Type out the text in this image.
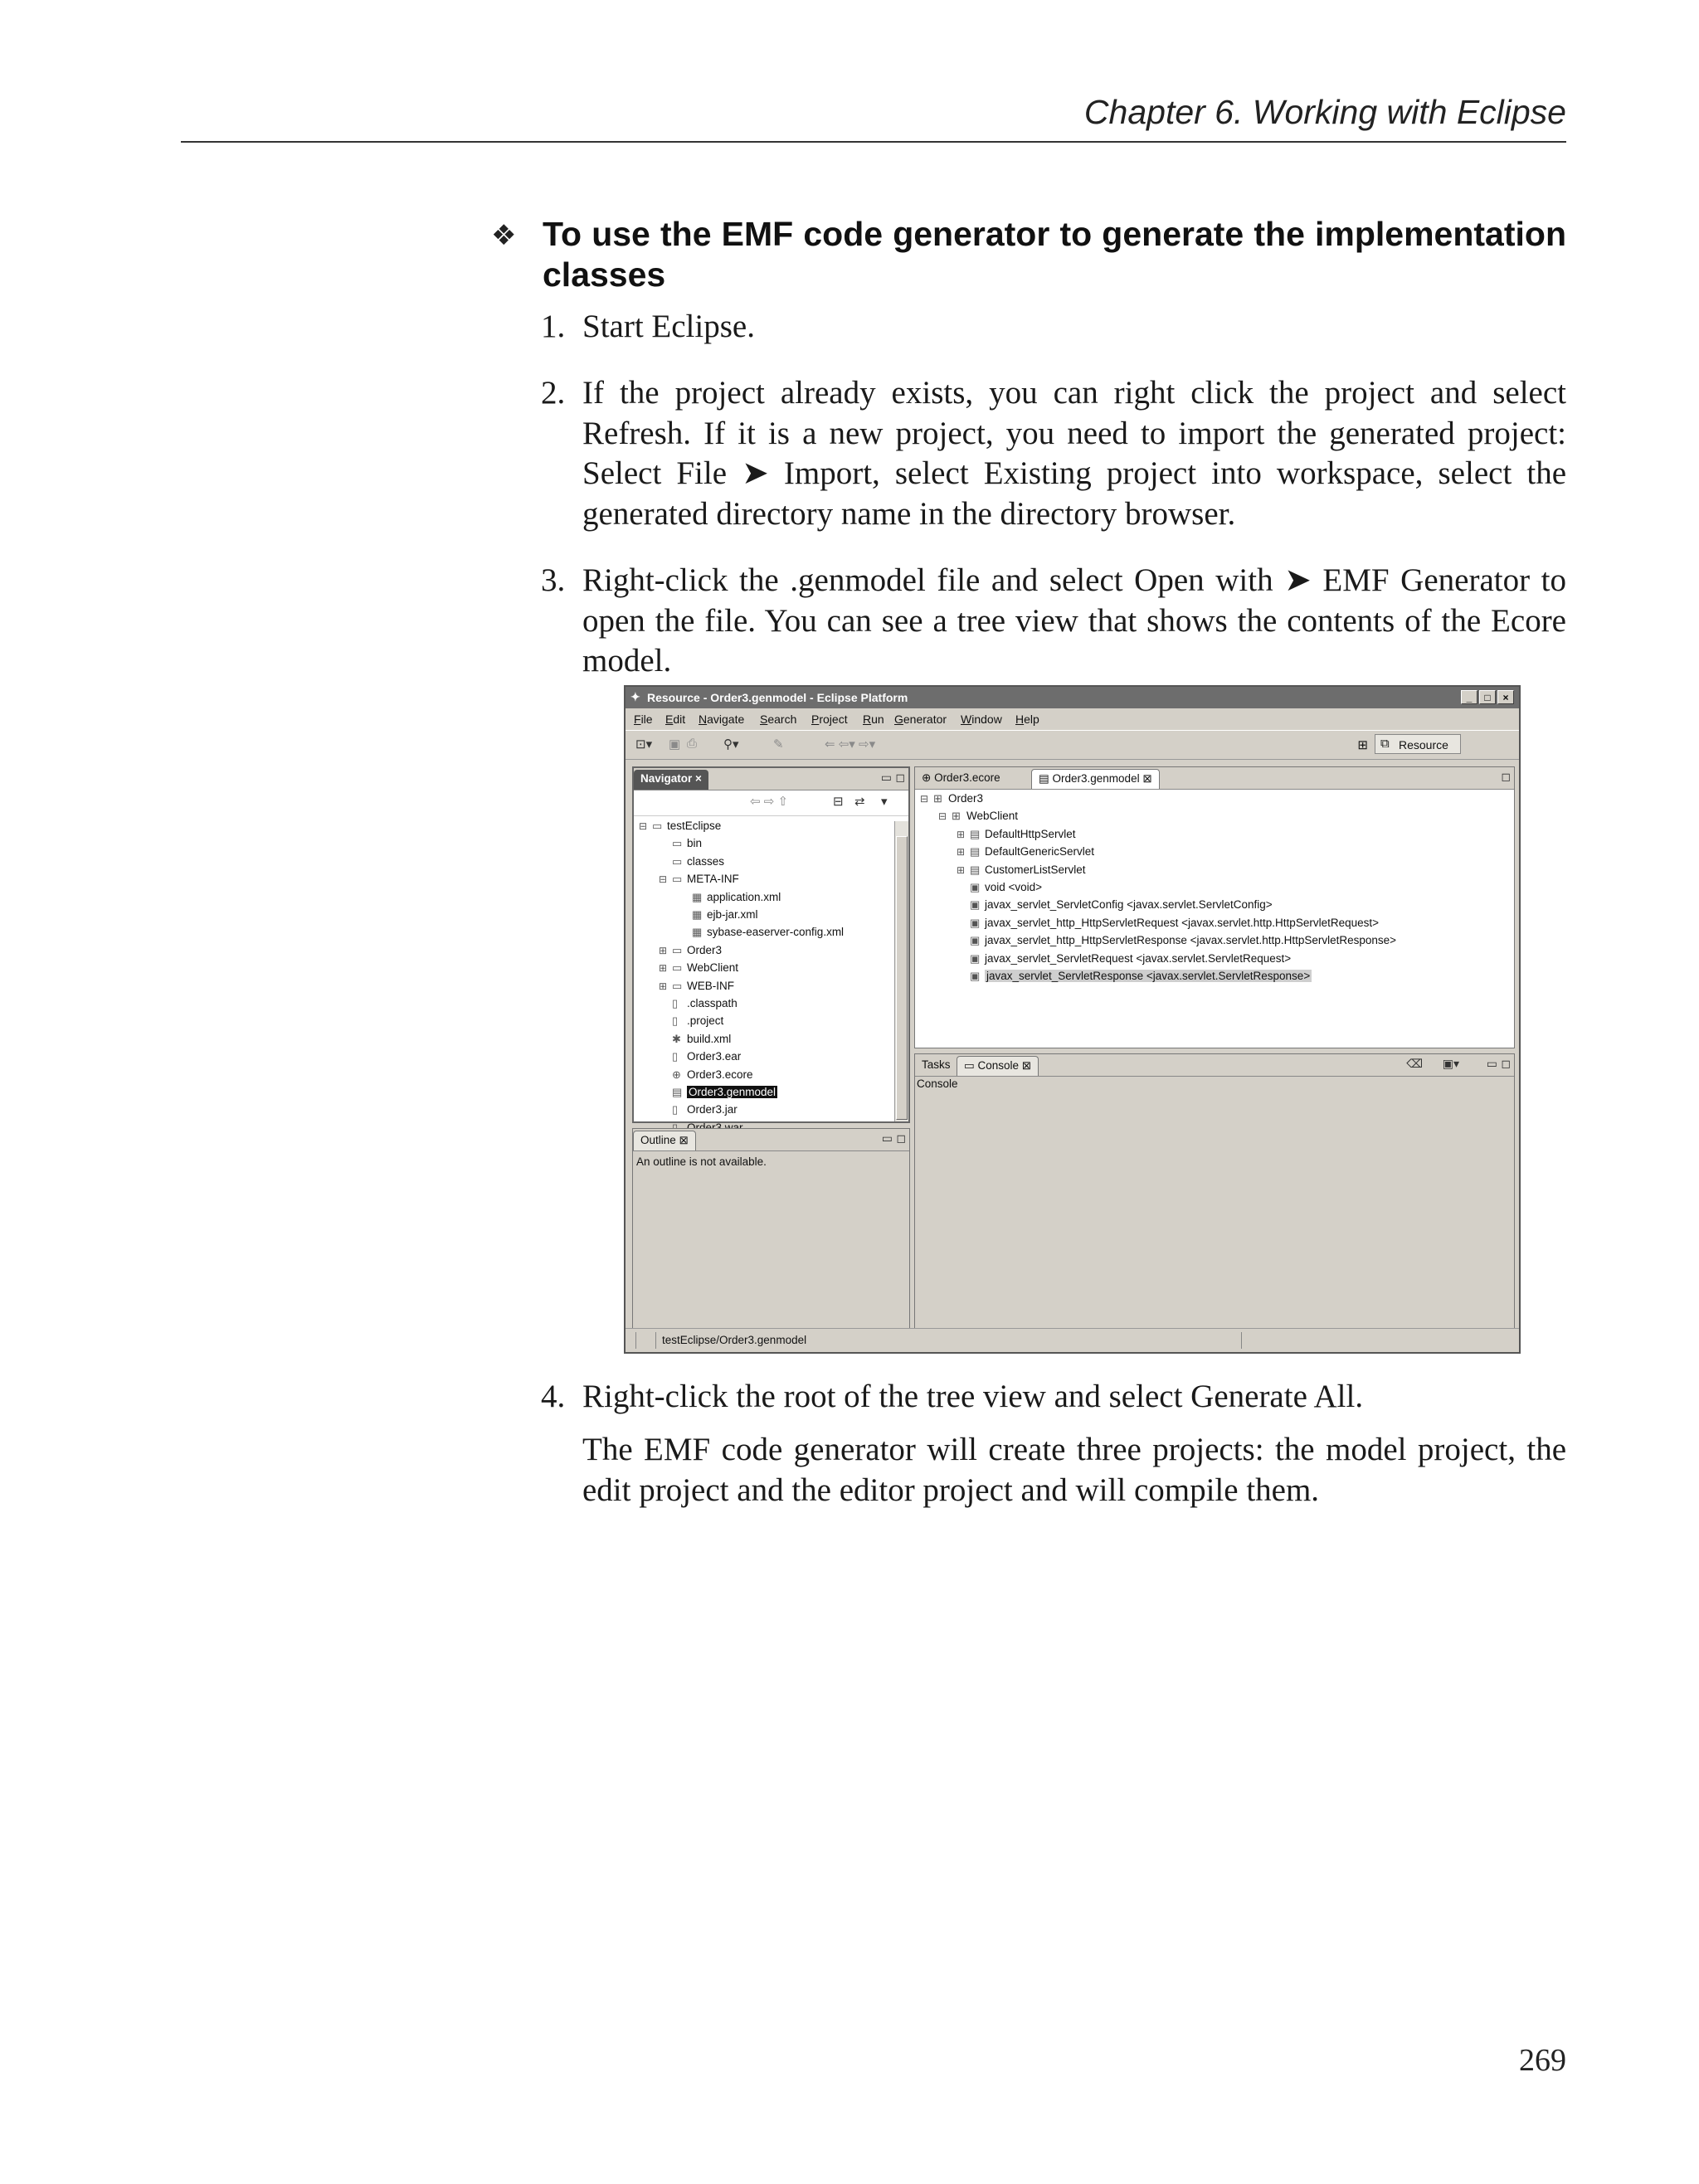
Chapter 6. Working with Eclipse
❖ To use the EMF code generator to generate the implementation classes
1. Start Eclipse.
2. If the project already exists, you can right click the project and select Refresh. If it is a new project, you need to import the generated project: Select File ➤ Import, select Existing project into workspace, select the generated directory name in the directory browser.
3. Right-click the .genmodel file and select Open with ➤ EMF Generator to open the file. You can see a tree view that shows the contents of the Ecore model.
✦ Resource - Order3.genmodel - Eclipse Platform	_	□	×
File Edit Navigate Search Project Run Generator Window Help
⊡▾ ▣ ⎙ ⚲▾	✎	⇐ ⇦▾ ⇨▾	⊞ ⧉ Resource
Navigator ×	▭ ◻
⇦ ⇨ ⇧	⊟ ⇄ ▾
⊟ ▭ testEclipse
▭ bin
▭ classes
⊟ ▭ META-INF
▦ application.xml
▦ ejb-jar.xml
▦ sybase-easerver-config.xml
⊞ ▭ Order3
⊞ ▭ WebClient
⊞ ▭ WEB-INF
▯ .classpath
▯ .project
✱ build.xml
▯ Order3.ear
⊕ Order3.ecore
▤ Order3.genmodel
▯ Order3.jar
Outline ⊠	▭ ◻
An outline is not available.
⊕ Order3.ecore	▤ Order3.genmodel ⊠	◻
⊟ ⊞ Order3
⊟ ⊞ WebClient
⊞ ▤ DefaultHttpServlet
⊞ ▤ DefaultGenericServlet
⊞ ▤ CustomerListServlet
▣ void <void>
▣ javax_servlet_ServletConfig <javax.servlet.ServletConfig>
▣ javax_servlet_http_HttpServletRequest <javax.servlet.http.HttpServletRequest>
▣ javax_servlet_http_HttpServletResponse <javax.servlet.http.HttpServletResponse>
▣ javax_servlet_ServletRequest <javax.servlet.ServletRequest>
▣ javax_servlet_ServletResponse <javax.servlet.ServletResponse>
Tasks	▭ Console ⊠	⌫ ▣▾ ▭ ◻
Console
testEclipse/Order3.genmodel
4. Right-click the root of the tree view and select Generate All.
The EMF code generator will create three projects: the model project, the edit project and the editor project and will compile them.
269
